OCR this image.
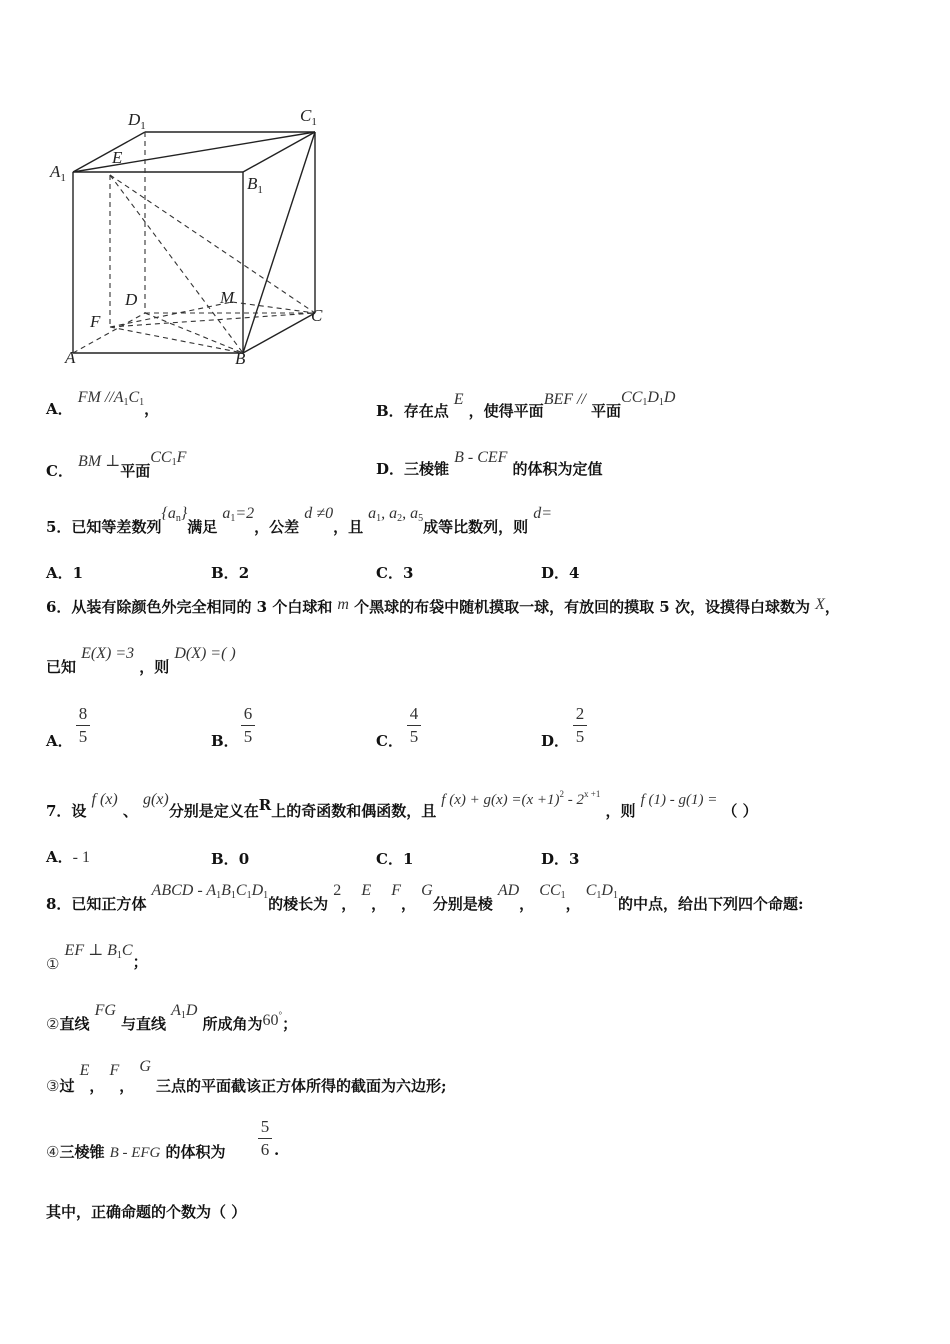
$D_1$
$C_1$
$A_1$	$B_1$
E
D	M
F	C
A	B
A． FM $//A_1C_1$，	B．存在点 E ，使得平面BEF // 平面$CC_1D_1D$
C． BM ⊥平面$CC_1F$
D．三棱锥 B - CEF 的体积为定值
5．已知等差数列$\{a_n\}$满足 $a_1=2$，公差 d ≠0，且 $a_1$, $a_2$, $a_5$成等比数列，则 d=
A．1	B．2	C．3	D．4
6．从装有除颜色外完全相同的 3 个白球和 m 个黑球的布袋中随机摸取一球，有放回的摸取 5 次，设摸得白球数为 X，
已知 E(X) =3 ，则 D(X) =( )
A．
8
5	B．
6
5	C．
4
5	D．
2
5
7．设 f (x) 、 g(x)分别是定义在R上的奇函数和偶函数，且 f $(x) + g(x) =(x +1)^2 - 2^{x +1}$ ，则 f (1) - g(1) = （ ）
A．- 1	B．0	C．1	D．3
8．已知正方体 ABCD - $A_1B_1C_1D_1$的棱长为 2， E， F， G分别是棱 AD， $CC_1$， $C_1D_1$的中点，给出下列四个命题:
① EF ⊥ $B_1C$；
②直线 FG 与直线 $A_1D$ 所成角为60°；
③过 E， F， G 三点的平面截该正方体所得的截面为六边形;
④三棱锥 B - EFG 的体积为
5
6 .
其中，正确命题的个数为（ ）
